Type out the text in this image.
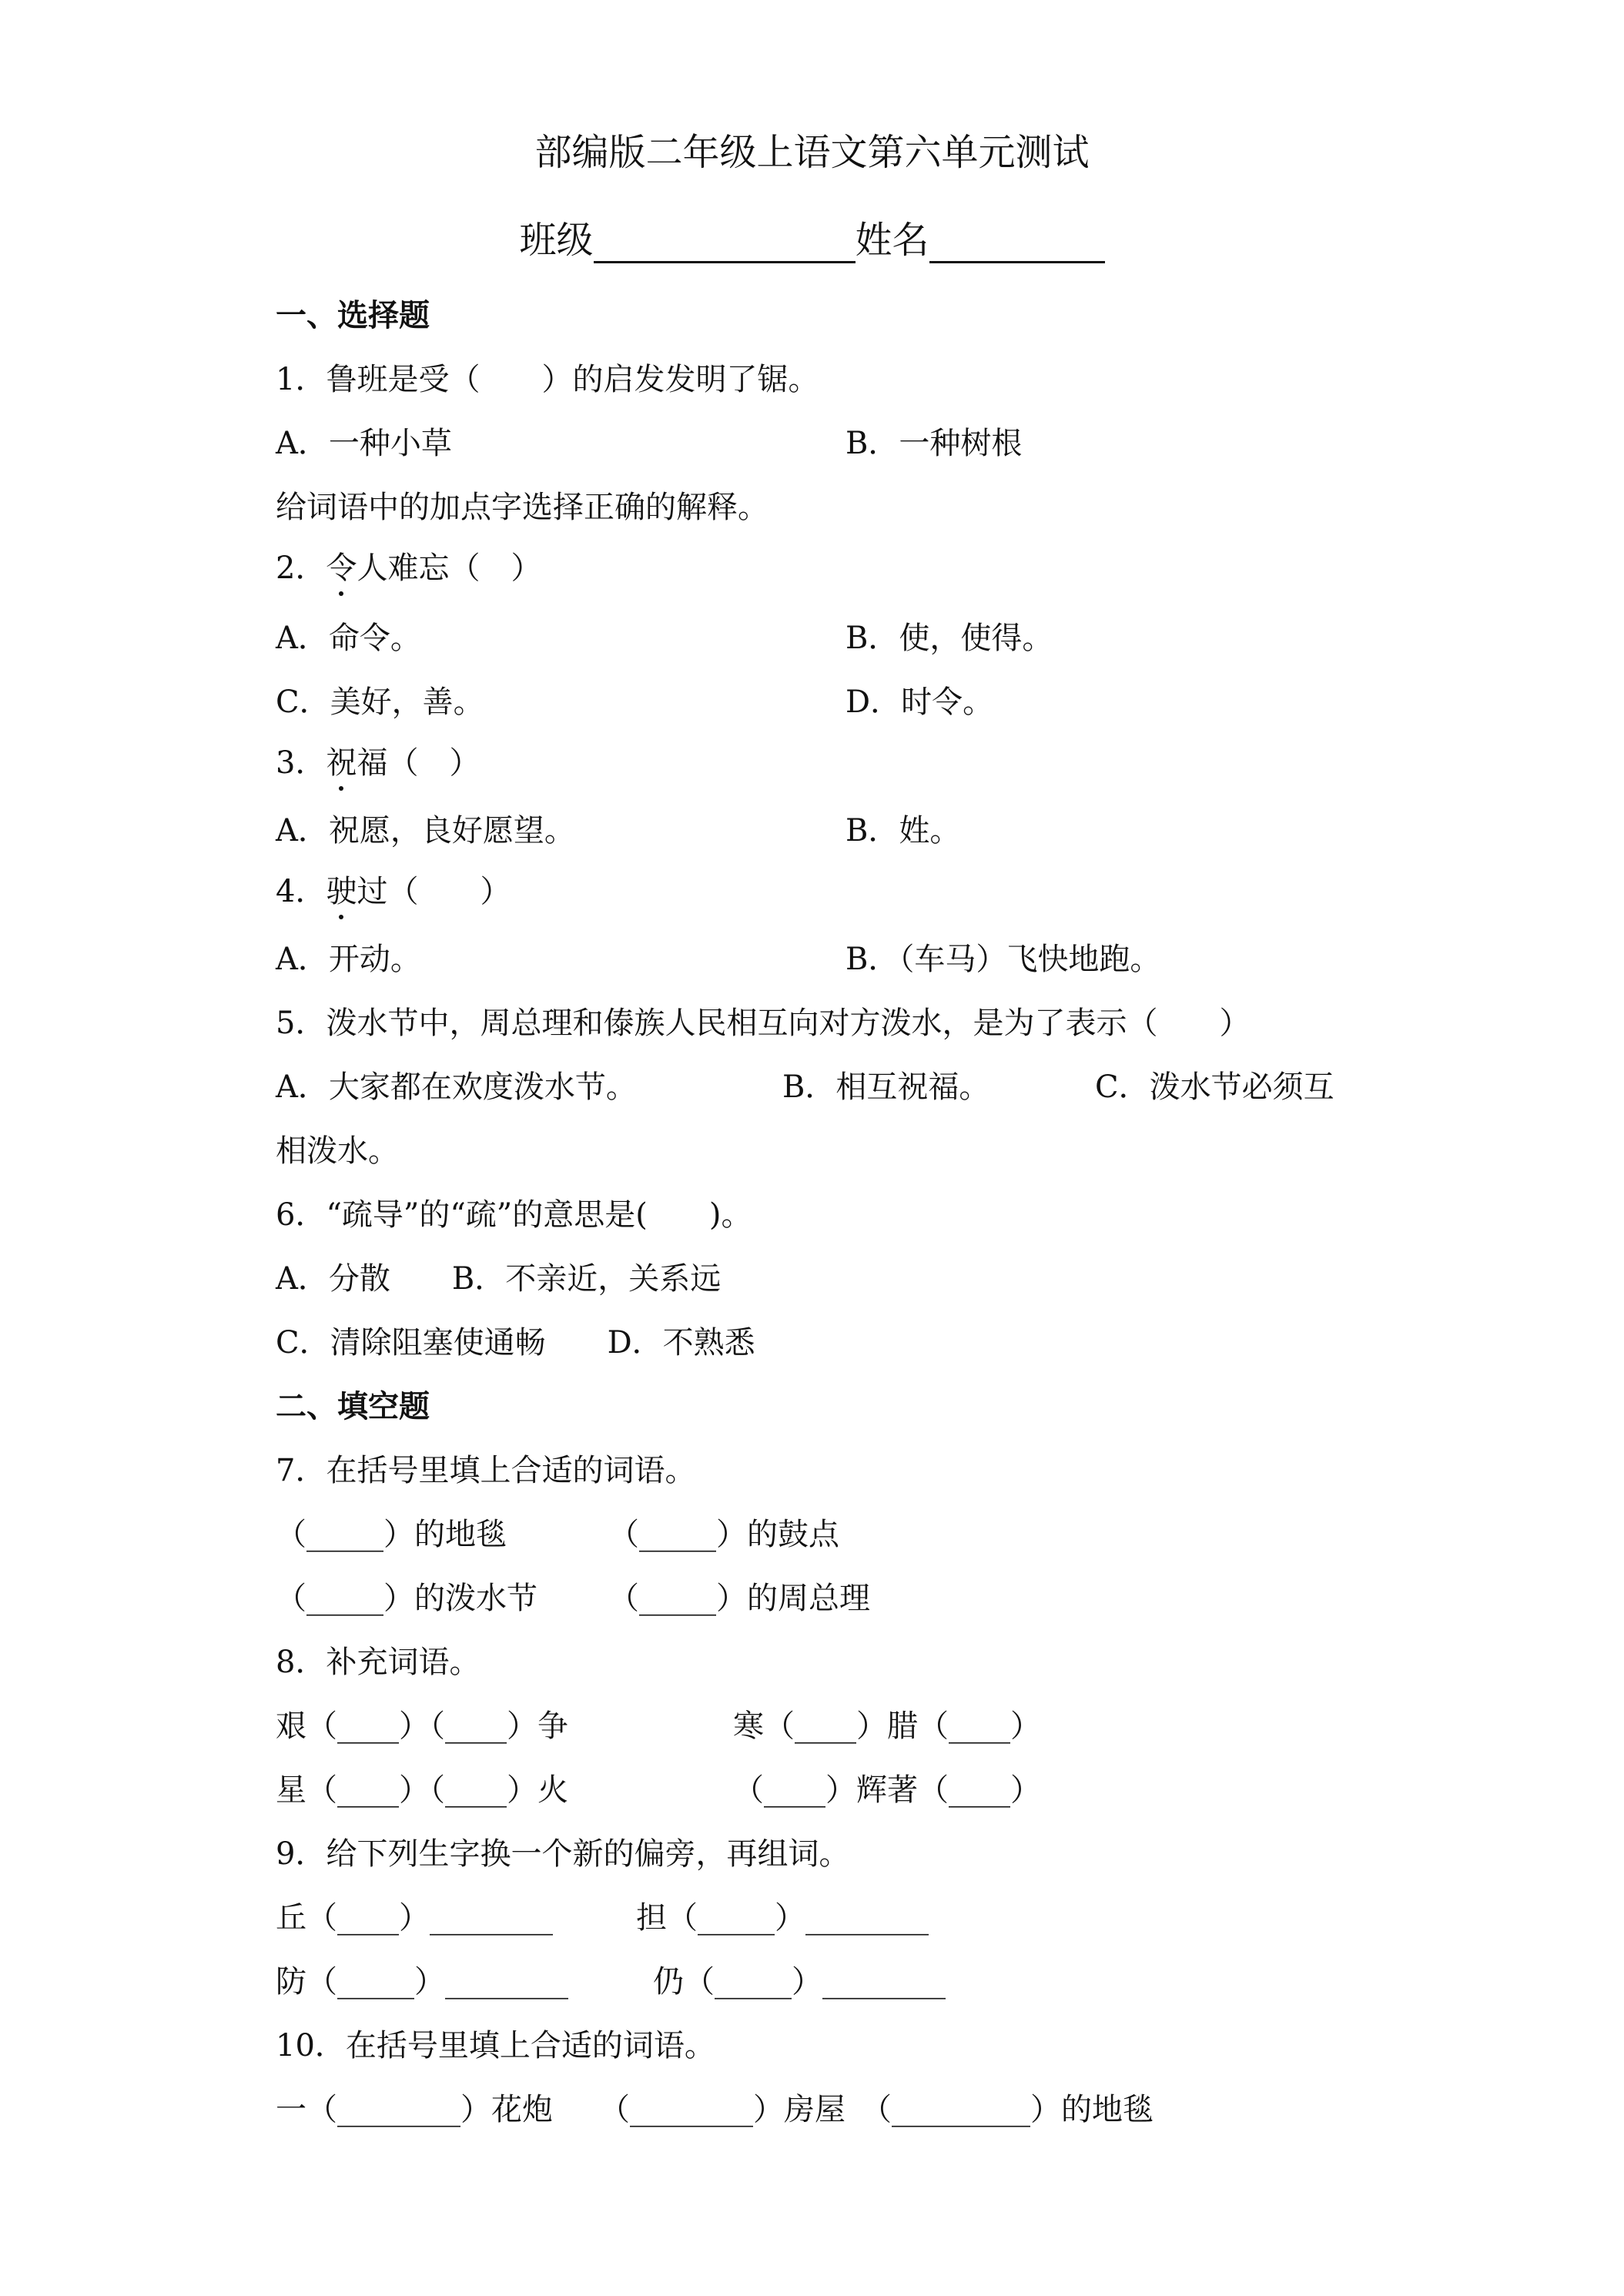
部编版二年级上语文第六单元测试
班级	姓名
一、选择题
1．鲁班是受（　　）的启发发明了锯。
A．一种小草	B．一种树根
给词语中的加点字选择正确的解释。
2．令人难忘（　）
A．命令。	B．使，使得。
C．美好，善。	D．时令。
3．祝福（　）
A．祝愿，良好愿望。	B．姓。
4．驶过（　　）
A．开动。	B．（车马）飞快地跑。
5．泼水节中，周总理和傣族人民相互向对方泼水，是为了表示（　　）
A．大家都在欢度泼水节。	B．相互祝福。	C．泼水节必须互
相泼水。
6．“疏导”的“疏”的意思是(　　)。
A．分散　　B．不亲近，关系远
C．清除阻塞使通畅　　D．不熟悉
二、填空题
7．在括号里填上合适的词语。
（_____）的地毯	（_____）的鼓点
（_____）的泼水节 （_____）的周总理
8．补充词语。
艰（____）（____）争	寒（____）腊（____）
星（____）（____）火	（____）辉著（____）
9．给下列生字换一个新的偏旁，再组词。
丘（____）________	担（_____）________
防（_____）________	仍（_____）________
10．在括号里填上合适的词语。
一（________）花炮　　（________）房屋　（_________）的地毯
